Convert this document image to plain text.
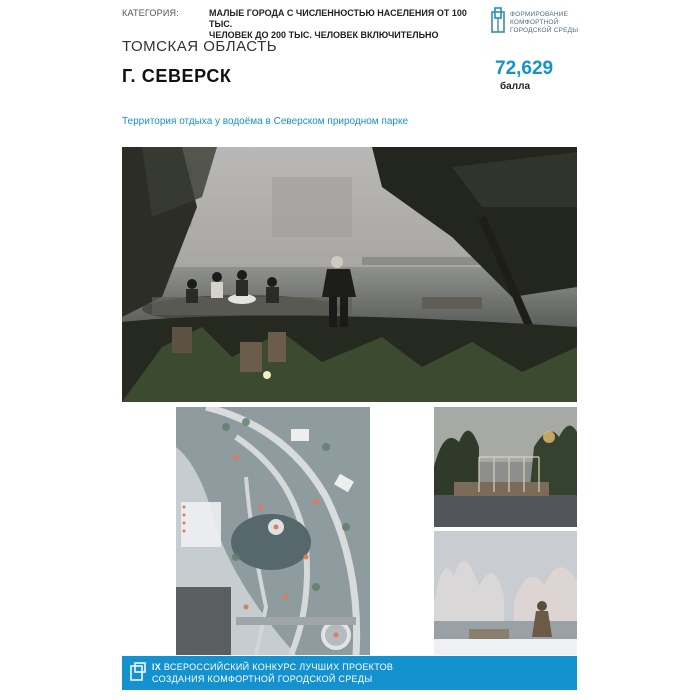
КАТЕГОРИЯ:	МАЛЫЕ ГОРОДА С ЧИСЛЕННОСТЬЮ НАСЕЛЕНИЯ ОТ 100 ТЫС.
ЧЕЛОВЕК ДО 200 ТЫС. ЧЕЛОВЕК ВКЛЮЧИТЕЛЬНО
ФОРМИРОВАНИЕ
КОМФОРТНОЙ
ГОРОДСКОЙ СРЕДЫ
ТОМСКАЯ ОБЛАСТЬ
Г. СЕВЕРСК	72,629
балла
Территория отдыха у водоёма в Северском природном парке
IX ВСЕРОССИЙСКИЙ КОНКУРС ЛУЧШИХ ПРОЕКТОВ
СОЗДАНИЯ КОМФОРТНОЙ ГОРОДСКОЙ СРЕДЫ
